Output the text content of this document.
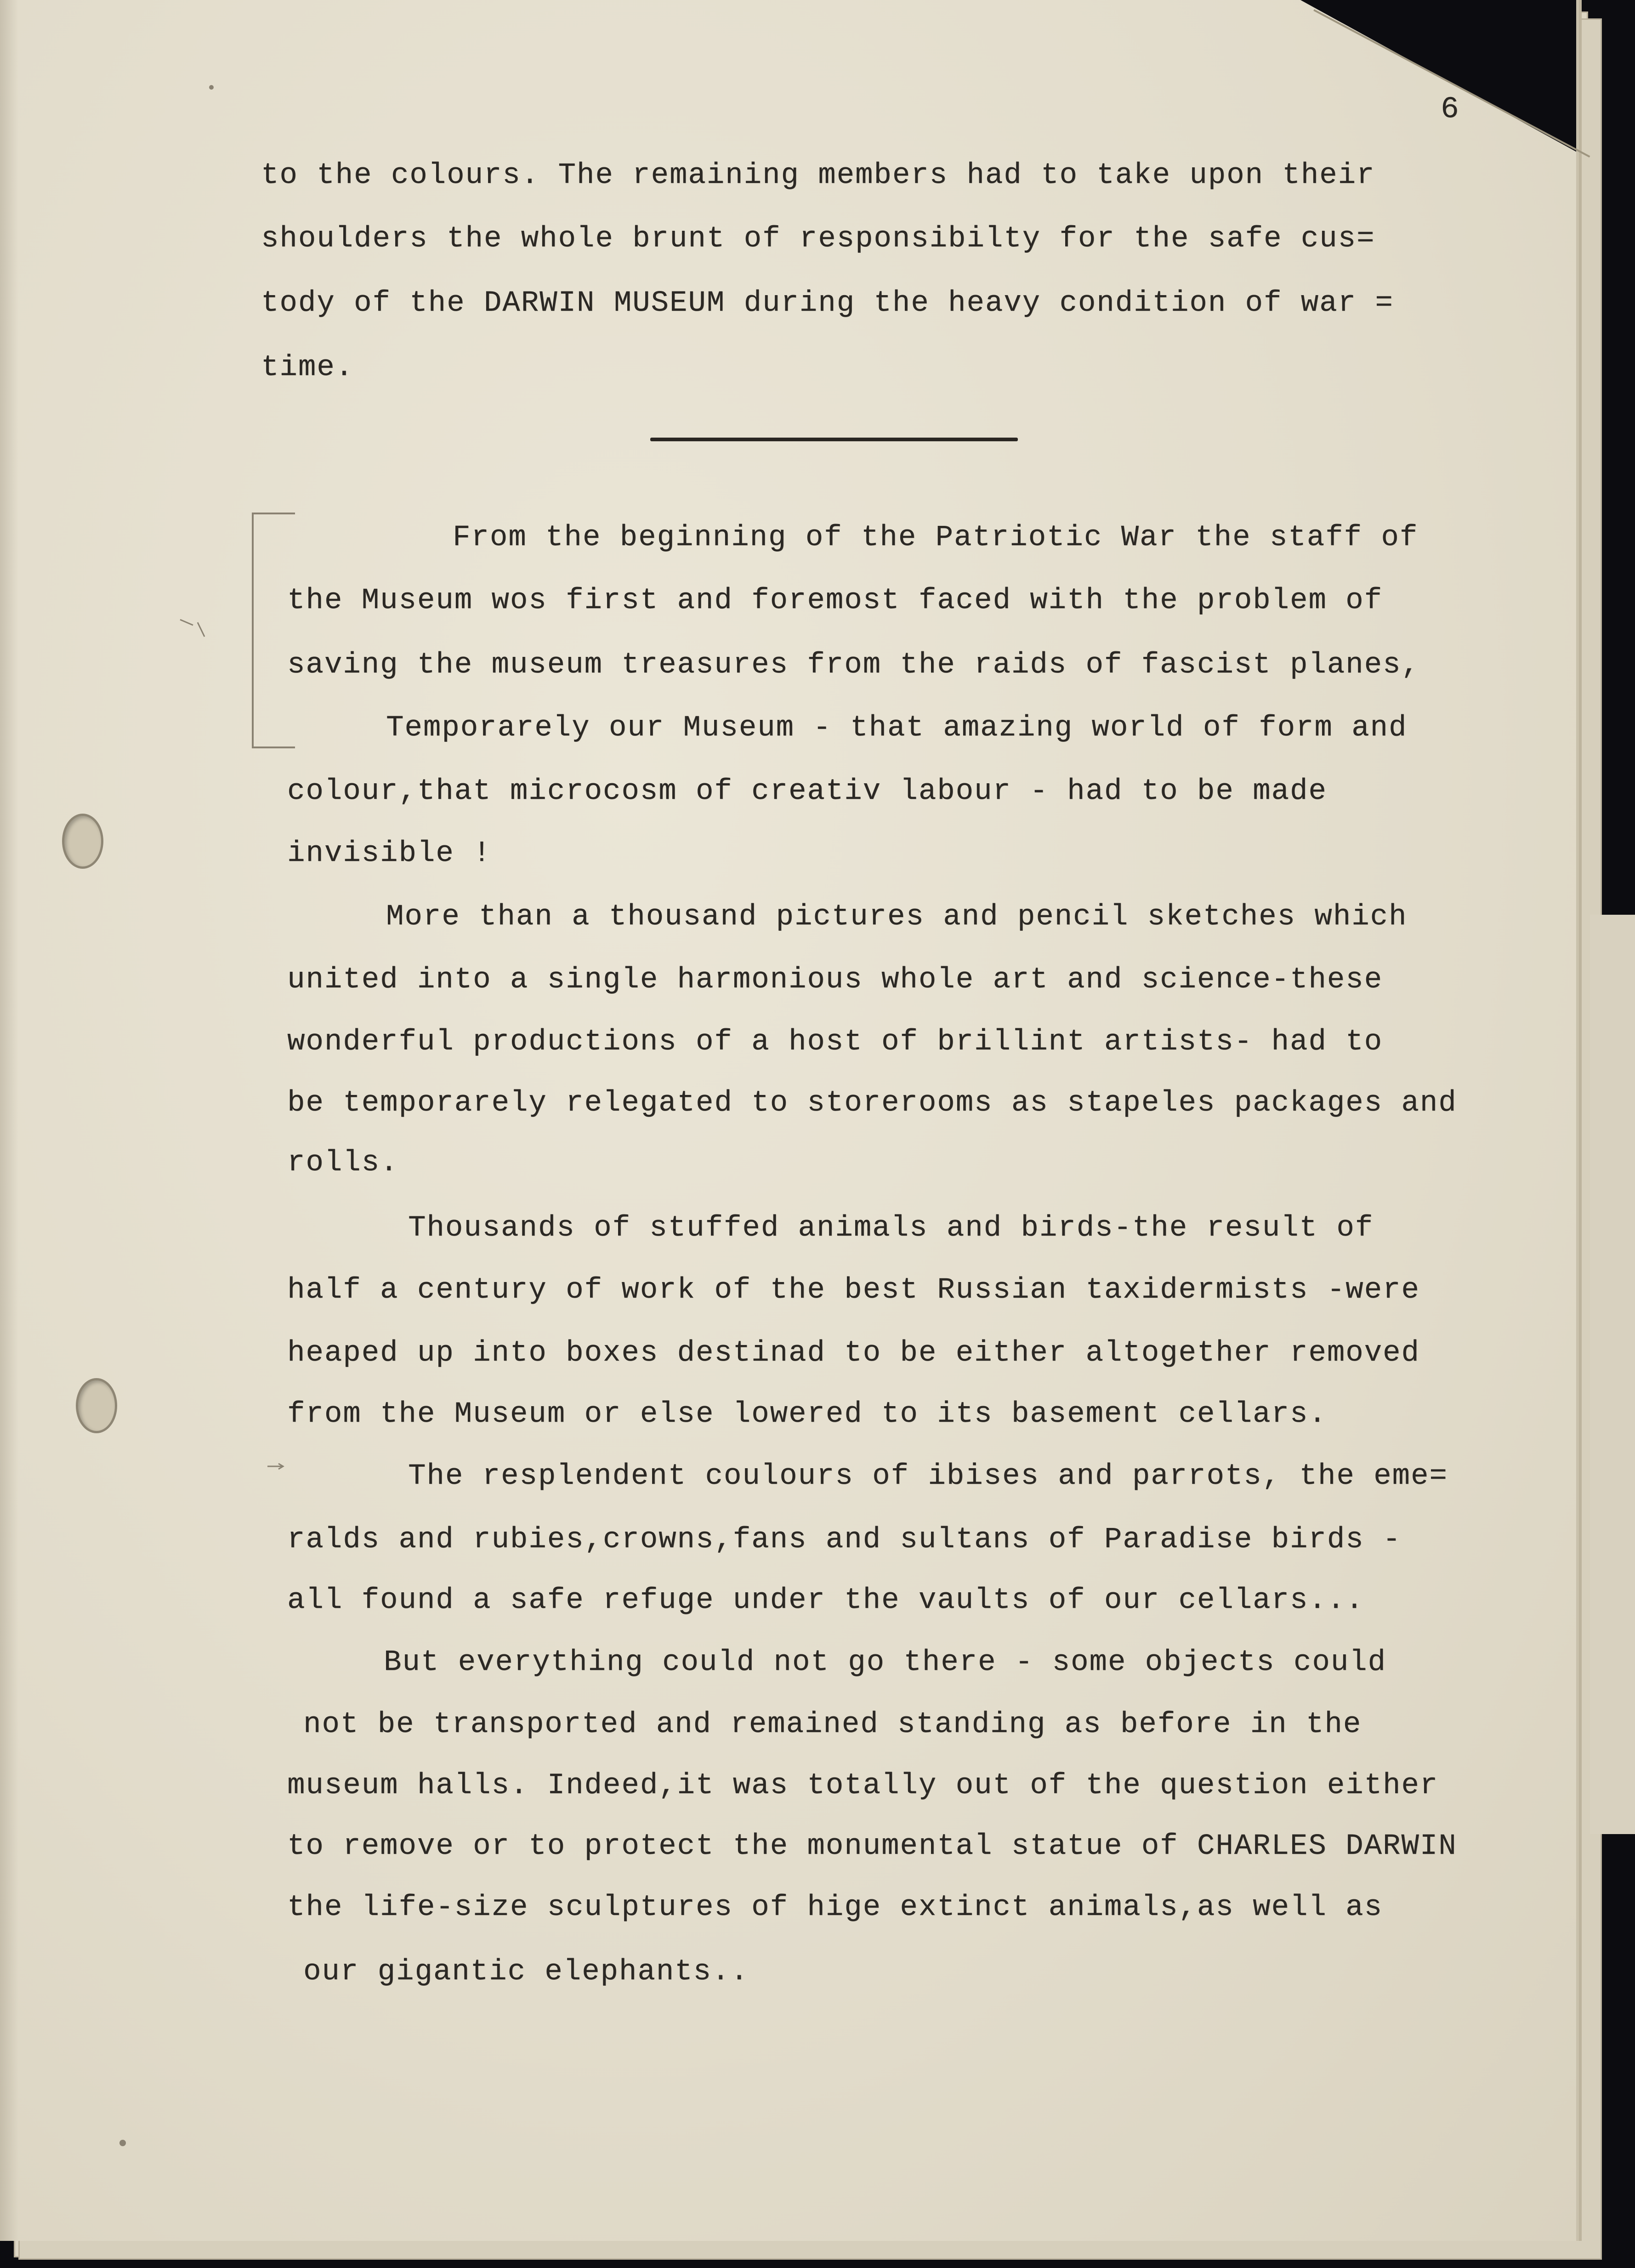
6

to the colours. The remaining members had to take upon their

shoulders the whole brunt of responsibilty for the safe cus=

tody of the DARWIN MUSEUM during the heavy condition of war =

time.

From the beginning of the Patriotic War the staff of

the Museum wos first and foremost faced with the problem of

saving the museum treasures from the raids of fascist planes,

Temporarely our Museum - that amazing world of form and

colour,that microcosm of creativ labour - had to be made

invisible !

More than a thousand pictures and pencil sketches which

united into a single harmonious whole art and science-these

wonderful productions of a host of brillint artists- had to

be temporarely relegated to storerooms as stapeles packages and

rolls.

Thousands of stuffed animals and birds-the result of

half a century of work of the best Russian taxidermists -were

heaped up into boxes destinad to be either altogether removed

from the Museum or else lowered to its basement cellars.

The resplendent coulours of ibises and parrots, the eme=

ralds and rubies,crowns,fans and sultans of Paradise birds -

all found a safe refuge under the vaults of our cellars...

But everything could not go there - some objects could

not be transported and remained standing as before in the

museum halls. Indeed,it was totally out of the question either

to remove or to protect the monumental statue of CHARLES DARWIN

the life-size sculptures of hige extinct animals,as well as

our gigantic elephants..
